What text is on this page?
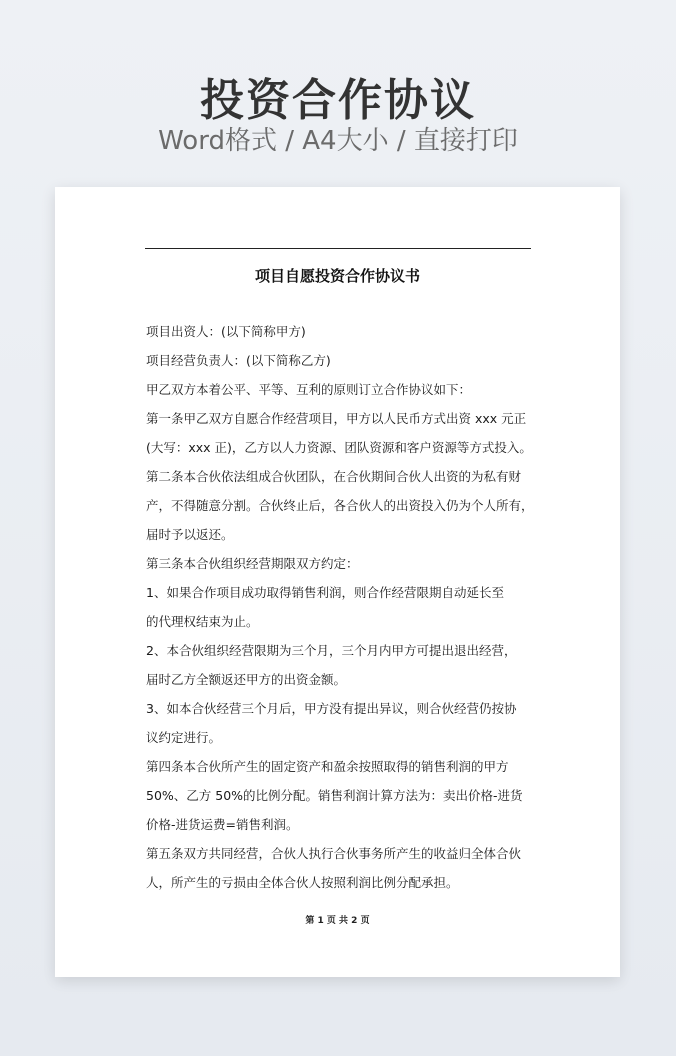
投资合作协议
Word格式 / A4大小 / 直接打印
项目自愿投资合作协议书
项目出资人：(以下简称甲方)
项目经营负责人：(以下简称乙方)
甲乙双方本着公平、平等、互利的原则订立合作协议如下：
第一条甲乙双方自愿合作经营项目，甲方以人民币方式出资 xxx 元正
(大写：xxx 正)，乙方以人力资源、团队资源和客户资源等方式投入。
第二条本合伙依法组成合伙团队，在合伙期间合伙人出资的为私有财
产，不得随意分割。合伙终止后，各合伙人的出资投入仍为个人所有，
届时予以返还。
第三条本合伙组织经营期限双方约定：
1、如果合作项目成功取得销售利润，则合作经营限期自动延长至
的代理权结束为止。
2、本合伙组织经营限期为三个月，三个月内甲方可提出退出经营，
届时乙方全额返还甲方的出资金额。
3、如本合伙经营三个月后，甲方没有提出异议，则合伙经营仍按协
议约定进行。
第四条本合伙所产生的固定资产和盈余按照取得的销售利润的甲方
50%、乙方 50%的比例分配。销售利润计算方法为：卖出价格-进货
价格-进货运费=销售利润。
第五条双方共同经营，合伙人执行合伙事务所产生的收益归全体合伙
人，所产生的亏损由全体合伙人按照利润比例分配承担。
第 1 页 共 2 页
